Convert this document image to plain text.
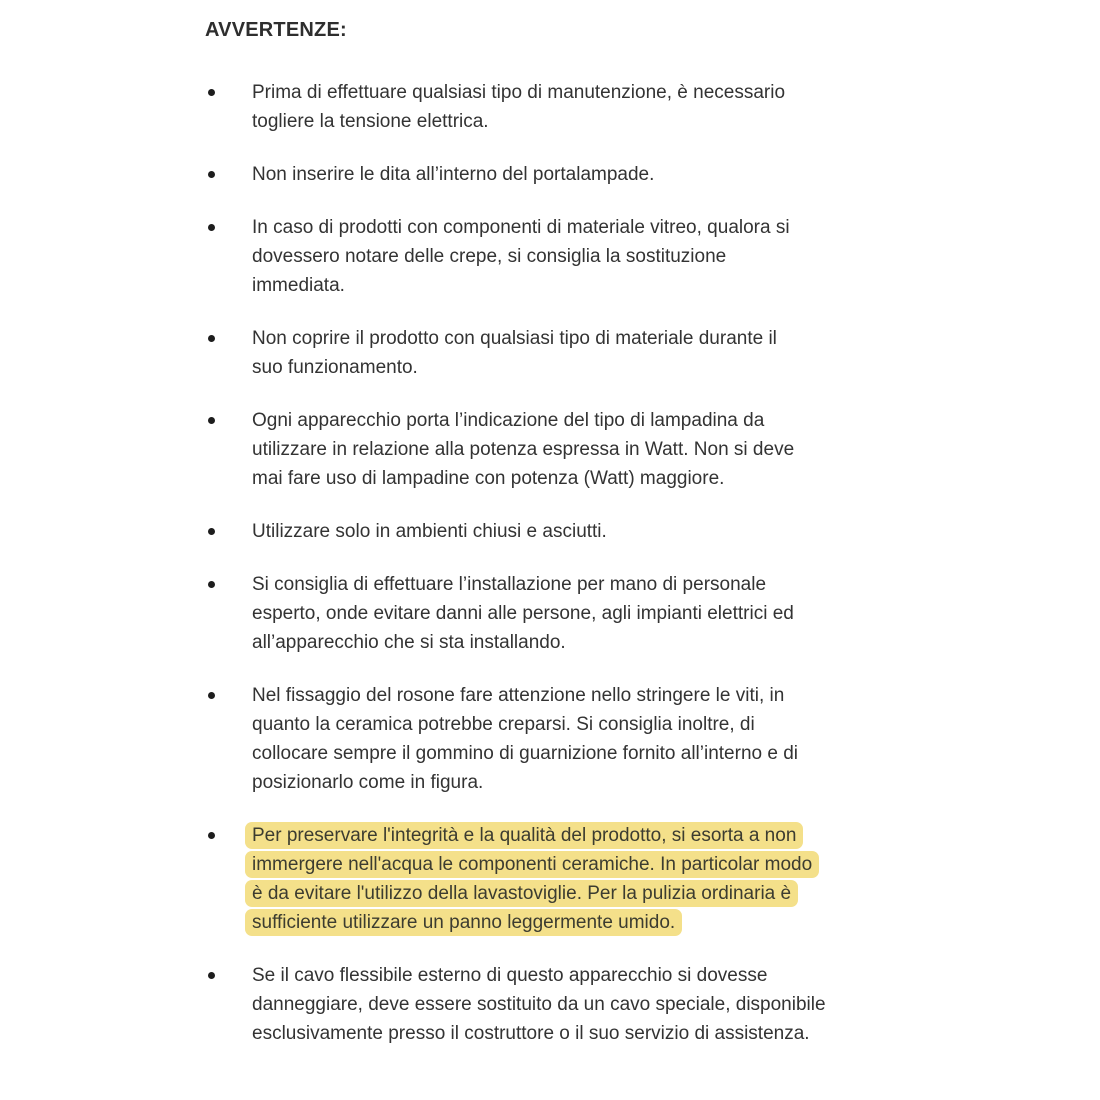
AVVERTENZE:
Prima di effettuare qualsiasi tipo di manutenzione, è necessario
togliere la tensione elettrica.
Non inserire le dita all’interno del portalampade.
In caso di prodotti con componenti di materiale vitreo, qualora si
dovessero notare delle crepe, si consiglia la sostituzione
immediata.
Non coprire il prodotto con qualsiasi tipo di materiale durante il
suo funzionamento.
Ogni apparecchio porta l’indicazione del tipo di lampadina da
utilizzare in relazione alla potenza espressa in Watt. Non si deve
mai fare uso di lampadine con potenza (Watt) maggiore.
Utilizzare solo in ambienti chiusi e asciutti.
Si consiglia di effettuare l’installazione per mano di personale
esperto, onde evitare danni alle persone, agli impianti elettrici ed
all’apparecchio che si sta installando.
Nel fissaggio del rosone fare attenzione nello stringere le viti, in
quanto la ceramica potrebbe creparsi. Si consiglia inoltre, di
collocare sempre il gommino di guarnizione fornito all’interno e di
posizionarlo come in figura.
Per preservare l'integrità e la qualità del prodotto, si esorta a non
immergere nell'acqua le componenti ceramiche. In particolar modo
è da evitare l'utilizzo della lavastoviglie. Per la pulizia ordinaria è
sufficiente utilizzare un panno leggermente umido.
Se il cavo flessibile esterno di questo apparecchio si dovesse
danneggiare, deve essere sostituito da un cavo speciale, disponibile
esclusivamente presso il costruttore o il suo servizio di assistenza.
